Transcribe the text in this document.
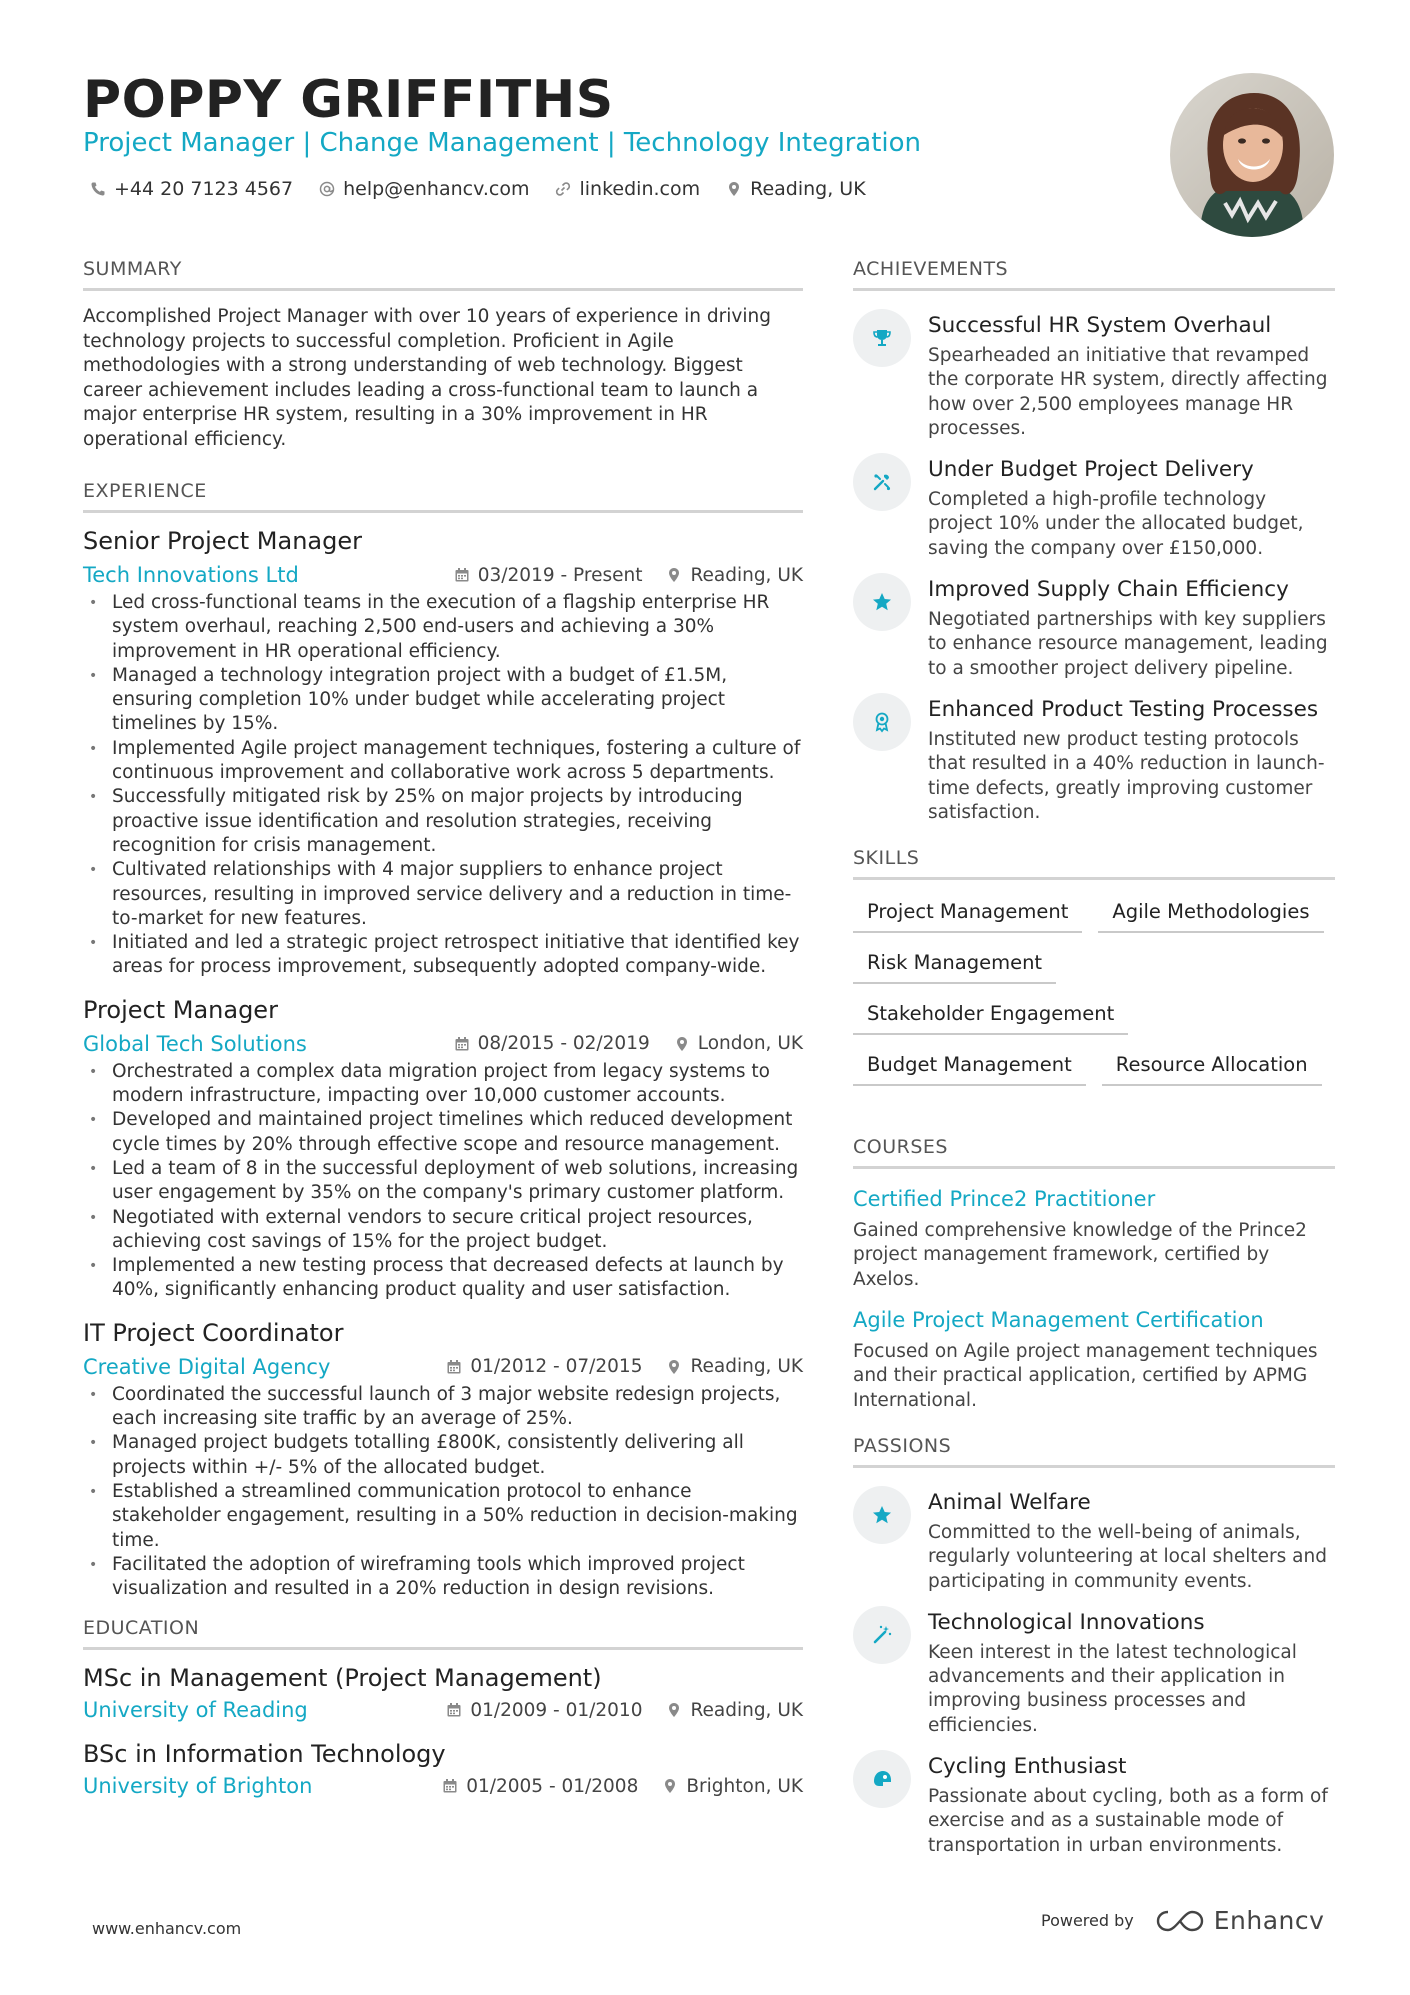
POPPY GRIFFITHS
Project Manager | Change Management | Technology Integration
+44 20 7123 4567	help@enhancv.com	linkedin.com	Reading, UK
SUMMARY
Accomplished Project Manager with over 10 years of experience in driving technology projects to successful completion. Proficient in Agile methodologies with a strong understanding of web technology. Biggest career achievement includes leading a cross-functional team to launch a major enterprise HR system, resulting in a 30% improvement in HR operational efficiency.
EXPERIENCE
Senior Project Manager
Tech Innovations Ltd	03/2019 - Present	Reading, UK
• Led cross-functional teams in the execution of a flagship enterprise HR system overhaul, reaching 2,500 end-users and achieving a 30% improvement in HR operational efficiency.
• Managed a technology integration project with a budget of £1.5M, ensuring completion 10% under budget while accelerating project timelines by 15%.
• Implemented Agile project management techniques, fostering a culture of continuous improvement and collaborative work across 5 departments.
• Successfully mitigated risk by 25% on major projects by introducing proactive issue identification and resolution strategies, receiving recognition for crisis management.
• Cultivated relationships with 4 major suppliers to enhance project resources, resulting in improved service delivery and a reduction in time-to-market for new features.
• Initiated and led a strategic project retrospect initiative that identified key areas for process improvement, subsequently adopted company-wide.
Project Manager
Global Tech Solutions	08/2015 - 02/2019	London, UK
• Orchestrated a complex data migration project from legacy systems to modern infrastructure, impacting over 10,000 customer accounts.
• Developed and maintained project timelines which reduced development cycle times by 20% through effective scope and resource management.
• Led a team of 8 in the successful deployment of web solutions, increasing user engagement by 35% on the company's primary customer platform.
• Negotiated with external vendors to secure critical project resources, achieving cost savings of 15% for the project budget.
• Implemented a new testing process that decreased defects at launch by 40%, significantly enhancing product quality and user satisfaction.
IT Project Coordinator
Creative Digital Agency	01/2012 - 07/2015	Reading, UK
• Coordinated the successful launch of 3 major website redesign projects, each increasing site traffic by an average of 25%.
• Managed project budgets totalling £800K, consistently delivering all projects within +/- 5% of the allocated budget.
• Established a streamlined communication protocol to enhance stakeholder engagement, resulting in a 50% reduction in decision-making time.
• Facilitated the adoption of wireframing tools which improved project visualization and resulted in a 20% reduction in design revisions.
EDUCATION
MSc in Management (Project Management)
University of Reading	01/2009 - 01/2010	Reading, UK
BSc in Information Technology
University of Brighton	01/2005 - 01/2008	Brighton, UK
ACHIEVEMENTS
Successful HR System Overhaul
Spearheaded an initiative that revamped the corporate HR system, directly affecting how over 2,500 employees manage HR processes.
Under Budget Project Delivery
Completed a high-profile technology project 10% under the allocated budget, saving the company over £150,000.
Improved Supply Chain Efficiency
Negotiated partnerships with key suppliers to enhance resource management, leading to a smoother project delivery pipeline.
Enhanced Product Testing Processes
Instituted new product testing protocols that resulted in a 40% reduction in launch-time defects, greatly improving customer satisfaction.
SKILLS
Project Management	Agile Methodologies
Risk Management
Stakeholder Engagement
Budget Management	Resource Allocation
COURSES
Certified Prince2 Practitioner
Gained comprehensive knowledge of the Prince2 project management framework, certified by Axelos.
Agile Project Management Certification
Focused on Agile project management techniques and their practical application, certified by APMG International.
PASSIONS
Animal Welfare
Committed to the well-being of animals, regularly volunteering at local shelters and participating in community events.
Technological Innovations
Keen interest in the latest technological advancements and their application in improving business processes and efficiencies.
Cycling Enthusiast
Passionate about cycling, both as a form of exercise and as a sustainable mode of transportation in urban environments.
www.enhancv.com	Powered by	Enhancv
